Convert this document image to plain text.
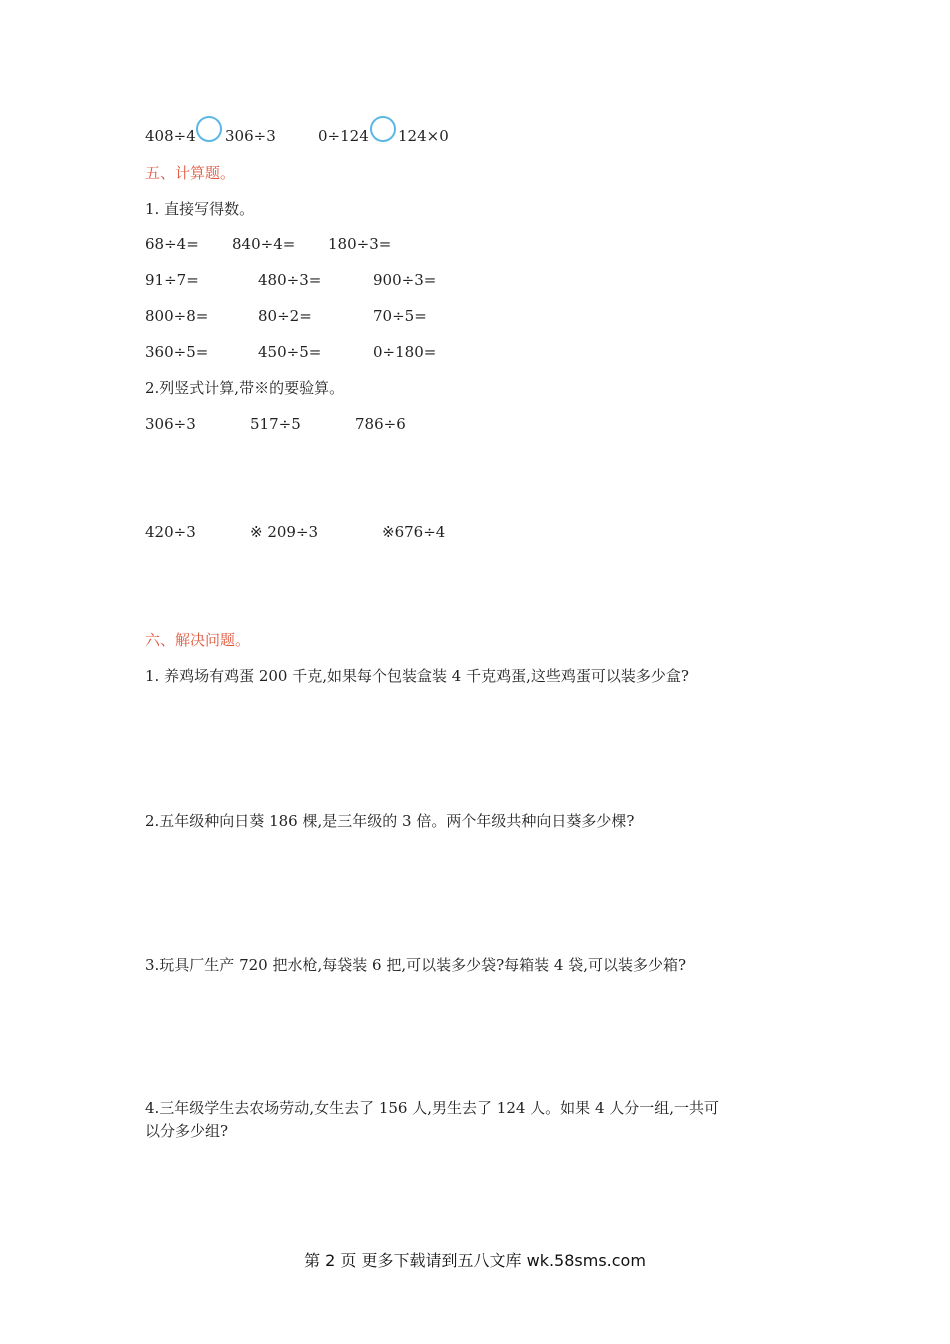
408÷4 306÷3	0÷124 124×0
五、计算题。
1. 直接写得数。
68÷4= 840÷4= 180÷3=
91÷7=	480÷3=	900÷3=
800÷8=	80÷2=	70÷5=
360÷5=	450÷5=	0÷180=
2.列竖式计算,带※的要验算。
306÷3	517÷5	786÷6
420÷3	※ 209÷3	※676÷4
六、解决问题。
1. 养鸡场有鸡蛋 200 千克,如果每个包装盒装 4 千克鸡蛋,这些鸡蛋可以装多少盒?
2.五年级种向日葵 186 棵,是三年级的 3 倍。两个年级共种向日葵多少棵?
3.玩具厂生产 720 把水枪,每袋装 6 把,可以装多少袋?每箱装 4 袋,可以装多少箱?
4.三年级学生去农场劳动,女生去了 156 人,男生去了 124 人。如果 4 人分一组,一共可
以分多少组?
第 2 页 更多下载请到五八文库 wk.58sms.com
